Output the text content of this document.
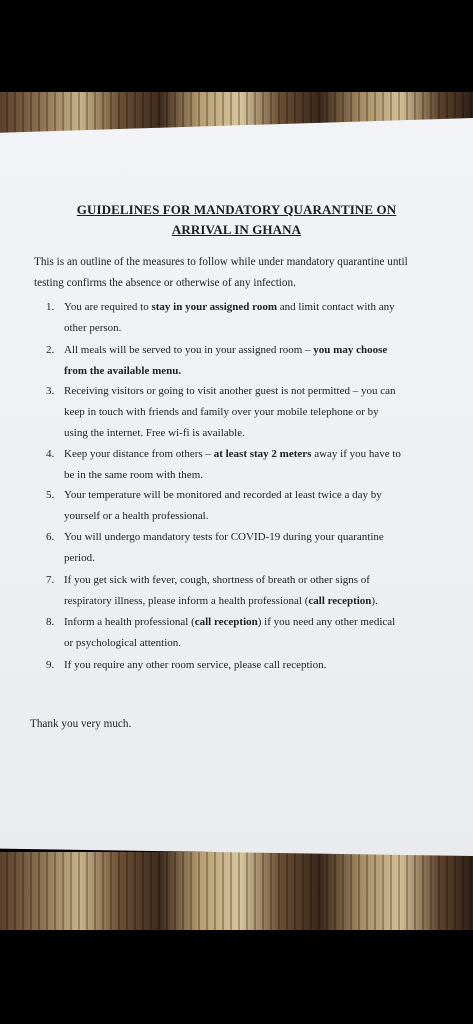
GUIDELINES FOR MANDATORY QUARANTINE ON
ARRIVAL IN GHANA
This is an outline of the measures to follow while under mandatory quarantine until
testing confirms the absence or otherwise of any infection.
1. You are required to stay in your assigned room and limit contact with any
other person.
2. All meals will be served to you in your assigned room – you may choose
from the available menu.
3. Receiving visitors or going to visit another guest is not permitted – you can
keep in touch with friends and family over your mobile telephone or by
using the internet. Free wi-fi is available.
4. Keep your distance from others – at least stay 2 meters away if you have to
be in the same room with them.
5. Your temperature will be monitored and recorded at least twice a day by
yourself or a health professional.
6. You will undergo mandatory tests for COVID-19 during your quarantine
period.
7. If you get sick with fever, cough, shortness of breath or other signs of
respiratory illness, please inform a health professional (call reception).
8. Inform a health professional (call reception) if you need any other medical
or psychological attention.
9. If you require any other room service, please call reception.
Thank you very much.
